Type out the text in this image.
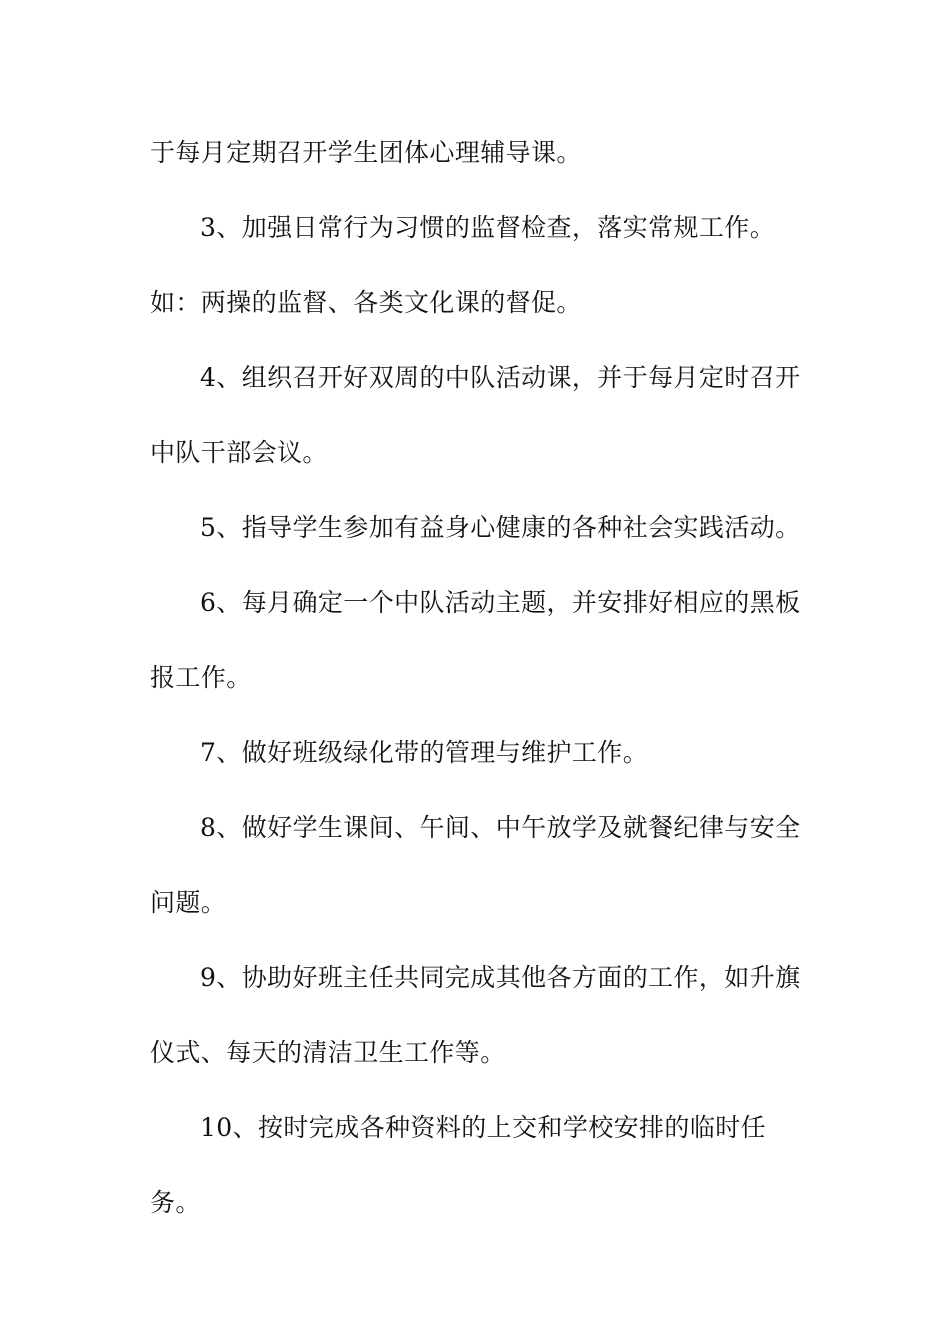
于每月定期召开学生团体心理辅导课。

3、加强日常行为习惯的监督检查，落实常规工作。

如：两操的监督、各类文化课的督促。

4、组织召开好双周的中队活动课，并于每月定时召开

中队干部会议。

5、指导学生参加有益身心健康的各种社会实践活动。

6、每月确定一个中队活动主题，并安排好相应的黑板

报工作。

7、做好班级绿化带的管理与维护工作。

8、做好学生课间、午间、中午放学及就餐纪律与安全

问题。

9、协助好班主任共同完成其他各方面的工作，如升旗

仪式、每天的清洁卫生工作等。

10、按时完成各种资料的上交和学校安排的临时任

务。
